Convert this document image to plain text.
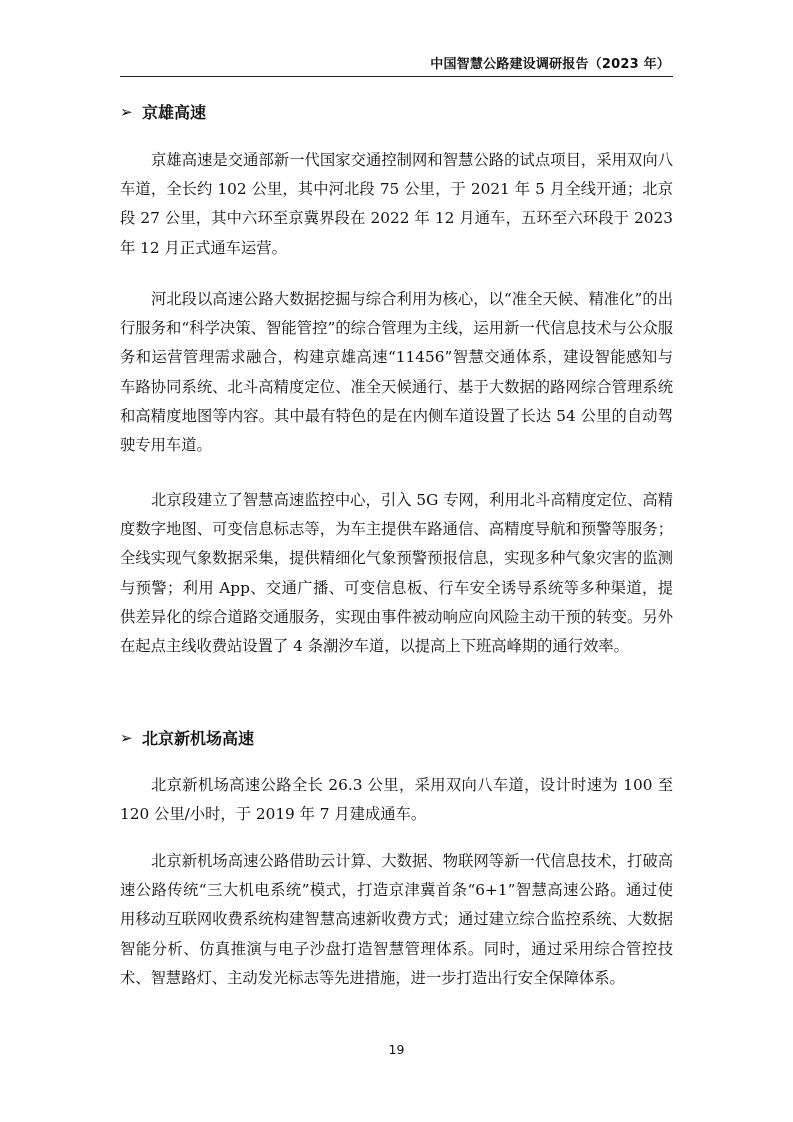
中国智慧公路建设调研报告（2023 年）
➢ 京雄高速

京雄高速是交通部新一代国家交通控制网和智慧公路的试点项目，采用双向八车道，全长约 102 公里，其中河北段 75 公里，于 2021 年 5 月全线开通；北京段 27 公里，其中六环至京冀界段在 2022 年 12 月通车，五环至六环段于 2023 年 12 月正式通车运营。

河北段以高速公路大数据挖掘与综合利用为核心，以“准全天候、精准化”的出行服务和“科学决策、智能管控”的综合管理为主线，运用新一代信息技术与公众服务和运营管理需求融合，构建京雄高速“11456”智慧交通体系，建设智能感知与车路协同系统、北斗高精度定位、准全天候通行、基于大数据的路网综合管理系统和高精度地图等内容。其中最有特色的是在内侧车道设置了长达 54 公里的自动驾驶专用车道。

北京段建立了智慧高速监控中心，引入 5G 专网，利用北斗高精度定位、高精度数字地图、可变信息标志等，为车主提供车路通信、高精度导航和预警等服务；全线实现气象数据采集，提供精细化气象预警预报信息，实现多种气象灾害的监测与预警；利用 App、交通广播、可变信息板、行车安全诱导系统等多种渠道，提供差异化的综合道路交通服务，实现由事件被动响应向风险主动干预的转变。另外在起点主线收费站设置了 4 条潮汐车道，以提高上下班高峰期的通行效率。

➢ 北京新机场高速

北京新机场高速公路全长 26.3 公里，采用双向八车道，设计时速为 100 至 120 公里/小时，于 2019 年 7 月建成通车。

北京新机场高速公路借助云计算、大数据、物联网等新一代信息技术，打破高速公路传统“三大机电系统”模式，打造京津冀首条“6+1”智慧高速公路。通过使用移动互联网收费系统构建智慧高速新收费方式；通过建立综合监控系统、大数据智能分析、仿真推演与电子沙盘打造智慧管理体系。同时，通过采用综合管控技术、智慧路灯、主动发光标志等先进措施，进一步打造出行安全保障体系。

19
